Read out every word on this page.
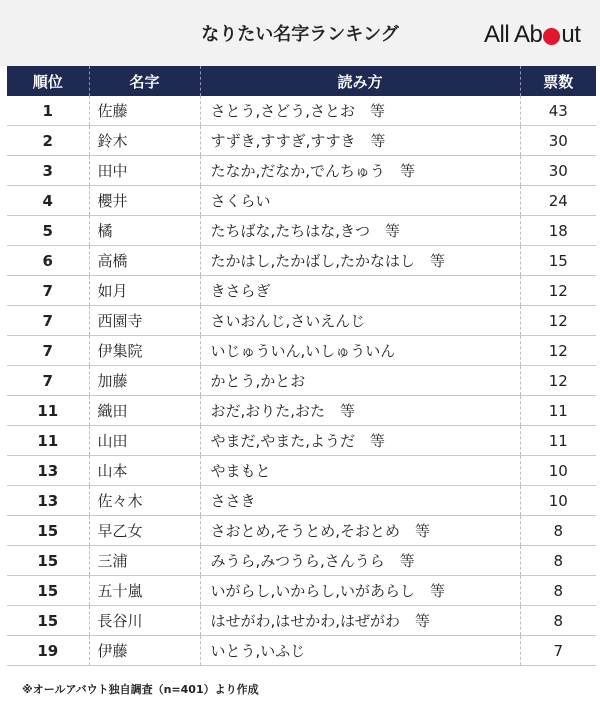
なりたい名字ランキング	All Ab ut
順位	名字	読み方	票数
1	佐藤	さとう,さどう,さとお　等	43
2	鈴木	すずき,すすぎ,すすき　等	30
3	田中	たなか,だなか,でんちゅう　等	30
4	櫻井	さくらい	24
5	橘	たちばな,たちはな,きつ　等	18
6	高橋	たかはし,たかばし,たかなはし　等	15
7	如月	きさらぎ	12
7	西園寺	さいおんじ,さいえんじ	12
7	伊集院	いじゅういん,いしゅういん	12
7	加藤	かとう,かとお	12
11	織田	おだ,おりた,おた　等	11
11	山田	やまだ,やまた,ようだ　等	11
13	山本	やまもと	10
13	佐々木	ささき	10
15	早乙女	さおとめ,そうとめ,そおとめ　等	8
15	三浦	みうら,みつうら,さんうら　等	8
15	五十嵐	いがらし,いからし,いがあらし　等	8
15	長谷川	はせがわ,はせかわ,はぜがわ　等	8
19	伊藤	いとう,いふじ	7
※オールアバウト独自調査（n=401）より作成
